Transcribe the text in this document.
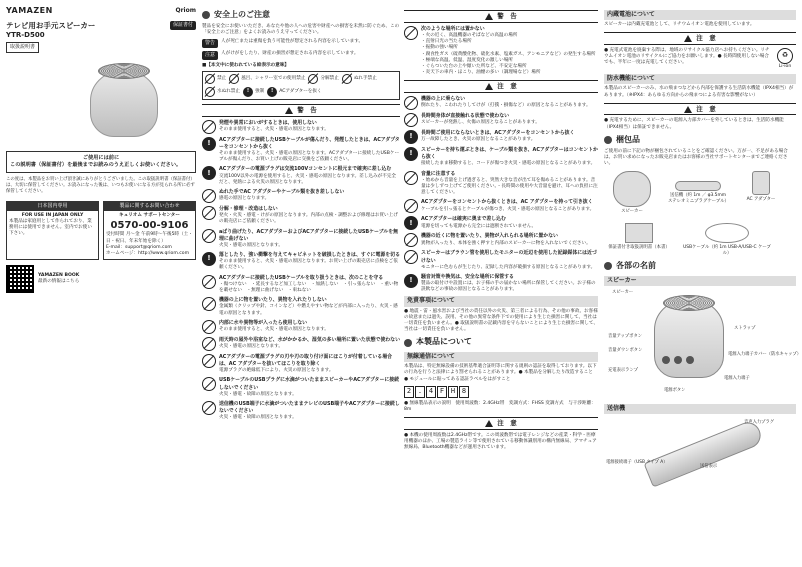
YAMAZEN	Qriom
テレビ用お手元スピーカー	保証書付
YTR-D500
取扱説明書
ご使用には前に
この説明書（保証書付）を最後までお読みのうえ正しくお使いください。
この度は、本製品をお買い上げ頂き誠にありがとうございました。この取扱説明書（保証書付）は、大切に保管してください。お読みになった後は、いつもお使いになる方が見られる所に必ず保管してください。
日本国内専用
FOR USE IN JAPAN ONLY
本製品は家庭用として作られており、業務用には使用できません。室内でお使い下さい。
製品に関するお問い合わせ
キュリオム サポートセンター
0570-00-9106
受付時間 月〜金 午前9時〜午後5時（土・日・祝日、年末年始を除く）
E-mail：support@qriom.com
ホームページ：http://www.qriom.com
YAMAZEN BOOK
最新の情報はこちら
安全上のご注意
製品を安全にお使いいただき、あなたや他の人への危害や財産への損害を未然に防ぐため、この「安全上のご注意」をよくお読みのうえ守ってください。
警告	人が死亡または重傷を負う可能性が想定される内容を示しています。
注意	人がけがをしたり、財産の損害が想定される内容を示しています。
■【本文中に使われている絵表示の意味】
禁止	風呂、シャワー室での使用禁止	分解禁止	ぬれ手禁止
水ぬれ禁止	!	強制	!	ACアダプターを抜く
警　告
発煙や異常においがするときは、使用しない
そのまま使用すると、火災・感電の原因となります。
!	ACアダプターに接続したUSBケーブルが傷んだり、発煙したときは、ACアダプターをコンセントから抜く
そのまま使用すると、火災・感電の原因となります。ACアダプターに接続したUSBケーブルが傷んだり、お買い上げの販売店に交換をご依頼ください。
!	ACアダプターの電源プラグは交流100Vコンセントに根元まで確実に差し込む
交流100V以外の電源を使用すると、火災・感電の原因となります。差し込みが不完全だと、発熱による火災の原因となります。
ぬれた手でAC アダプターやケーブル類を抜き差ししない
感電の原因となります。
分解・修理・改造はしない
発火・火災・感電・けがの原因となります。内部の点検・調整および修理はお買い上げの販売店にご依頼ください。
aばり曲げたり、ACアダプターおよびACアダプターに接続したUSBケーブルを無理に曲げない
火災・感電の原因となります。
!	落としたり、強い衝撃を与えてキャビネットを破損したときは、すぐに電源を切る
そのまま使用すると、火災・感電の原因となります。お買い上げの販売店に点検をご依頼ください。
ACアダプターに接続したUSBケーブルを取り扱うときは、次のことを守る
・傷つけない　・延長するなど加工しない　・加熱しない　・引っ張らない　・重い物を載せない　・無理に曲げない　・束ねない
機器の上に物を置いたり、異物を入れたりしない
金属類（クリップや針、コインなど）や燃えやすい物などが内部に入ったり、火災・感電の原因となります。
内部に水や異物等が入ったら使用しない
そのまま使用すると、火災・感電の原因となります。
雨天時の屋外や浴室など、水がかかるか、湿気の多い場所に置いた状態で使わない
火災・感電の原因となります。
ACアダプターの電源プラグの刃や刃の取り付け面にほこりが付着している場合は、AC アダプターを抜いてほこりを取り除く
電源プラグの絶縁低下により、火災の原因となります。
USBケーブルのUSBプラグに水滴がついたままスピーカーやACアダプターに接続しないでください
火災・感電・故障の原因となります。
送信機のUSB端子に水滴がついたままテレビのUSB端子やACアダプターに接続しないでください
火災・感電・故障の原因となります。
警　告
次のような場所には置かない
・火の近く、高温機器のそばなどの高温の場所
・直射日光の当たる場所
・振動の強い場所
・腐食性ガス（硫黄酸化物、硫化水素、塩素ガス、アンモニアなど）の発生する場所
・極端な高温、低温、湿度変化の激しい場所
・ぐらついた台の上や傾いた所など、不安定な場所
・炎天下の車内・ほこり、油煙の多い（調理場など）場所
注　意
機器の上に乗らない
倒れたり、こわれたりしてけが（打撲・損傷など）の原因となることがあります。
長時間身体が直接触れる状態で使わない
スピーカーが発熱し、火傷の原因となることがあります。
!	長時間ご使用にならないときは、ACアダプターをコンセントから抜く
万一故障したとき、火災の原因となることがあります。
!	スピーカーを持ち運ぶときは、ケーブル類を抜き、ACアダプターはコンセントから抜く
接続したまま移動すると、コードが傷つき火災・感電の原因となることがあります。
音量に注意する
・始めから音量を上げ過ぎると、突然大きな音が出て耳を傷めることがあります。音量は少しずつ上げてご使用ください。・長時間の使用や大音量を避け、耳への負担に注意してください。
ACアダプターをコンセントから抜くときは、AC アダプターを持って引き抜く
ケーブルを引っ張るとケーブルが傷つき、火災・感電の原因となることがあります。
!	ACアダプターは確実に奥まで差し込む
電源を切っても電源から完全には遮断されていません。
機器の近くに物を置いたり、異物が入れられる場所に置かない
異物が入ったり、本体を強く押すと内部のスピーカーに物を入れないでください。
スピーカーはブラウン管を使用したモニターの近辺を使用した記録媒体には近づけない
モニターに色むらが生じたり、記録した内容が破損する原因となることがあります。
!	騒音対策や換気は、安全な場所に保管する
製品の取付けや設置には、お子様の手の届かない場所に保管してください。お子様の誤飲などの事故の原因となることがあります。
免責事項について
● 地震・雷・風水害および当社の責任以外の火災、第三者による行為、その他の事故、お客様の故意または過失、誤用、その他の異常な条件下での使用により生じた損害に関して、当社は一切責任を負いません。● 取扱説明書の記載内容を守らないことにより生じた損害に関して、当社は一切責任を負いません。
本製品について
無線通信について
本製品は、特定無線設備の技術基準適合証明等に関する規則の認証を取得しております。以下の行為を行うと法律により罰せられることがあります。● 本製品を分解したり改造すること ● モジュールに貼ってある認証ラベルをはがすこと
2 . 4 F H 8
● 無線製品表示の説明　使用周波数：2.4GHz帯　変調方式：FHSS 変調方式　与干渉距離：8m
注　意
● 本機の使用周波数は2.4GHz帯です。この周波数帯では電子レンジなどの産業・科学・医療用機器のほか、工場の製造ライン等で使用されている移動体識別用の構内無線局、アマチュア無線局、Bluetooth機器などが運用されています。
内蔵電池について
スピーカーは内蔵充電池として、リチウムイオン電池を使用しています。
注　意
● 充電式電池を廃棄する際は、地域のリサイクル協力店へお持ちください。リチウムイオン電池のリサイクルにご協力をお願いします。● 長時間使用しない場合でも、半年に一度は充電してください。
♻
Li-ion
防水機能について
本製品のスピーカーのみ、水の飛まつなどから内部を保護する生活防水機能（IPX4相当）があります。（※IPX4：あらゆる方向からの飛まつによる有害な影響がない）
注　意
● 充電するために、スピーカーの電源入力部カバーを外しているときは、生活防水機能（IPX4相当）は保証できません。
梱包品
ご使用の前に下記の物が梱包されていることをご確認ください。万が一、不足がある場合は、お買い求めになったお販売店またはお客様の当社サポートセンターまでご連絡ください。
スピーカー
送信機（約 1m ／ φ3.5mm ステレオミニプラグケーブル）	AC アダプター
保証書付き取扱説明書（本書）	USBケーブル（約 1m USB-A/USB-C ケーブル）
各部の名前
スピーカー
スピーカー
ストラップ
音量アップボタン
電源入力端子カバー（防水キャップ）
充電表示ランプ
音量ダウンボタン
電源入力端子
電源ボタン
送信機
音声入力プラグ
電源接続端子（USB タイプ A）
送信表示
